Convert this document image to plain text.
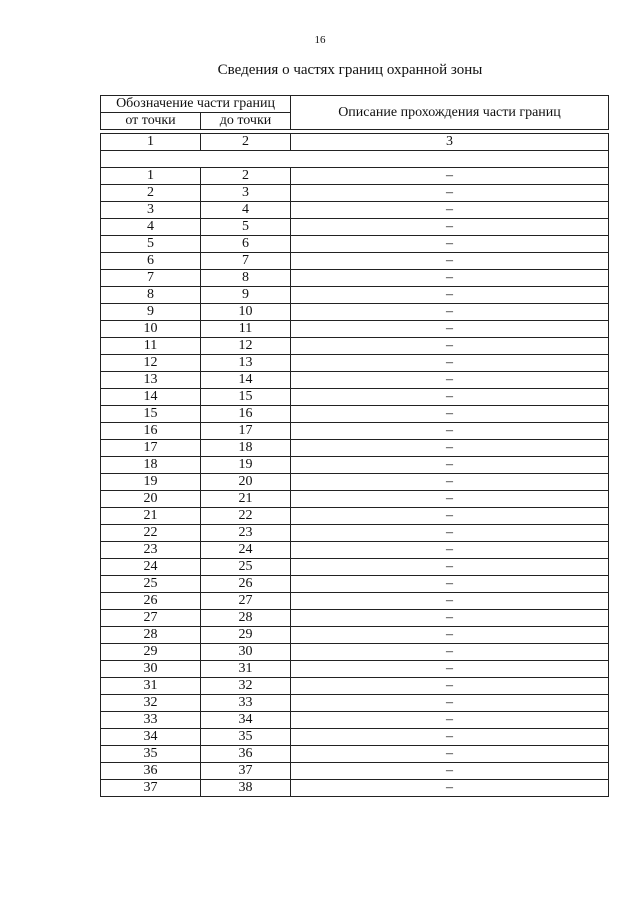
16
Сведения о частях границ охранной зоны
Обозначение части границ		Описание прохождения части границ
от точки	до точки	

1	2	3

1	2	–
2	3	–
3	4	–
4	5	–
5	6	–
6	7	–
7	8	–
8	9	–
9	10	–
10	11	–
11	12	–
12	13	–
13	14	–
14	15	–
15	16	–
16	17	–
17	18	–
18	19	–
19	20	–
20	21	–
21	22	–
22	23	–
23	24	–
24	25	–
25	26	–
26	27	–
27	28	–
28	29	–
29	30	–
30	31	–
31	32	–
32	33	–
33	34	–
34	35	–
35	36	–
36	37	–
37	38	–
